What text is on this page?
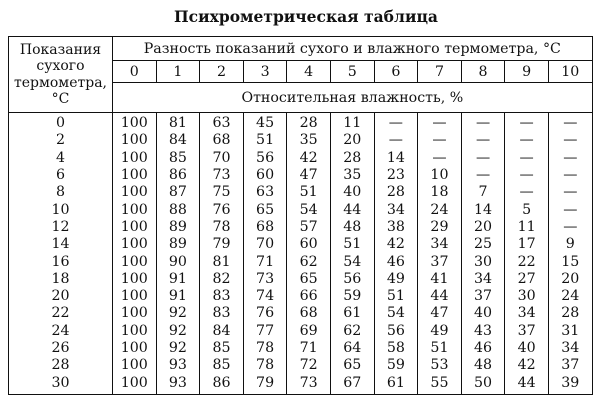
Психрометрическая таблица
Показания
сухого
термометра,
°С	Разность показаний сухого и влажного термометра, °С										
	0	1	2	3	4	5	6	7	8	9	10
	Относительная влажность, %										
0	100	81	63	45	28	11	—	—	—	—	—
2	100	84	68	51	35	20	—	—	—	—	—
4	100	85	70	56	42	28	14	—	—	—	—
6	100	86	73	60	47	35	23	10	—	—	—
8	100	87	75	63	51	40	28	18	7	—	—
10	100	88	76	65	54	44	34	24	14	5	—
12	100	89	78	68	57	48	38	29	20	11	—
14	100	89	79	70	60	51	42	34	25	17	9
16	100	90	81	71	62	54	46	37	30	22	15
18	100	91	82	73	65	56	49	41	34	27	20
20	100	91	83	74	66	59	51	44	37	30	24
22	100	92	83	76	68	61	54	47	40	34	28
24	100	92	84	77	69	62	56	49	43	37	31
26	100	92	85	78	71	64	58	51	46	40	34
28	100	93	85	78	72	65	59	53	48	42	37
30	100	93	86	79	73	67	61	55	50	44	39
